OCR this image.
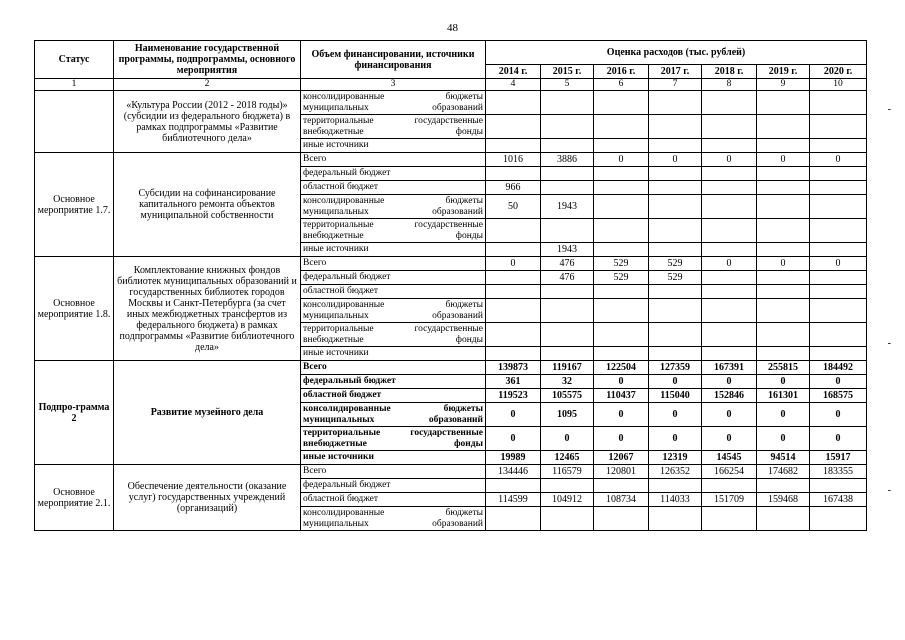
48
Статус	Наименование государственной программы, подпрограммы, основного мероприятия	Объем финансировании, источники финансирования	Оценка расходов (тыс. рублей)						
			2014 г.	2015 г.	2016 г.	2017 г.	2018 г.	2019 г.	2020 г.
1	2	3	4	5	6	7	8	9	10
	«Культура России (2012 - 2018 годы)» (субсидии из федерального бюджета) в рамках подпрограммы «Развитие библиотечного дела»	консолидированные бюджеты муниципальных образований							
		территориальные государственные внебюджетные фонды							
		иные источники							
Основное мероприятие 1.7.	Субсидии на софинансирование капитального ремонта объектов муниципальной собственности	Всего	1016	3886	0	0	0	0	0
		федеральный бюджет							
		областной бюджет	966						
		консолидированные бюджеты муниципальных образований	50	1943					
		территориальные государственные внебюджетные фонды							
		иные источники		1943					
Основное мероприятие 1.8.	Комплектование книжных фондов библиотек муниципальных образований и государственных библиотек городов Москвы и Санкт-Петербурга (за счет иных межбюджетных трансфертов из федерального бюджета) в рамках подпрограммы «Развитие библиотечного дела»	Всего	0	476	529	529	0	0	0
		федеральный бюджет		476	529	529			
		областной бюджет							
		консолидированные бюджеты муниципальных образований							
		территориальные государственные внебюджетные фонды							
		иные источники							
Подпро-грамма 2	Развитие музейного дела	Всего	139873	119167	122504	127359	167391	255815	184492
		федеральный бюджет	361	32	0	0	0	0	0
		областной бюджет	119523	105575	110437	115040	152846	161301	168575
		консолидированные бюджеты муниципальных образований	0	1095	0	0	0	0	0
		территориальные государственные внебюджетные фонды	0	0	0	0	0	0	0
		иные источники	19989	12465	12067	12319	14545	94514	15917
Основное мероприятие 2.1.	Обеспечение деятельности (оказание услуг) государственных учреждений (организаций)	Всего	134446	116579	120801	126352	166254	174682	183355
		федеральный бюджет							
		областной бюджет	114599	104912	108734	114033	151709	159468	167438
		консолидированные бюджеты муниципальных образований							
-
-
-
